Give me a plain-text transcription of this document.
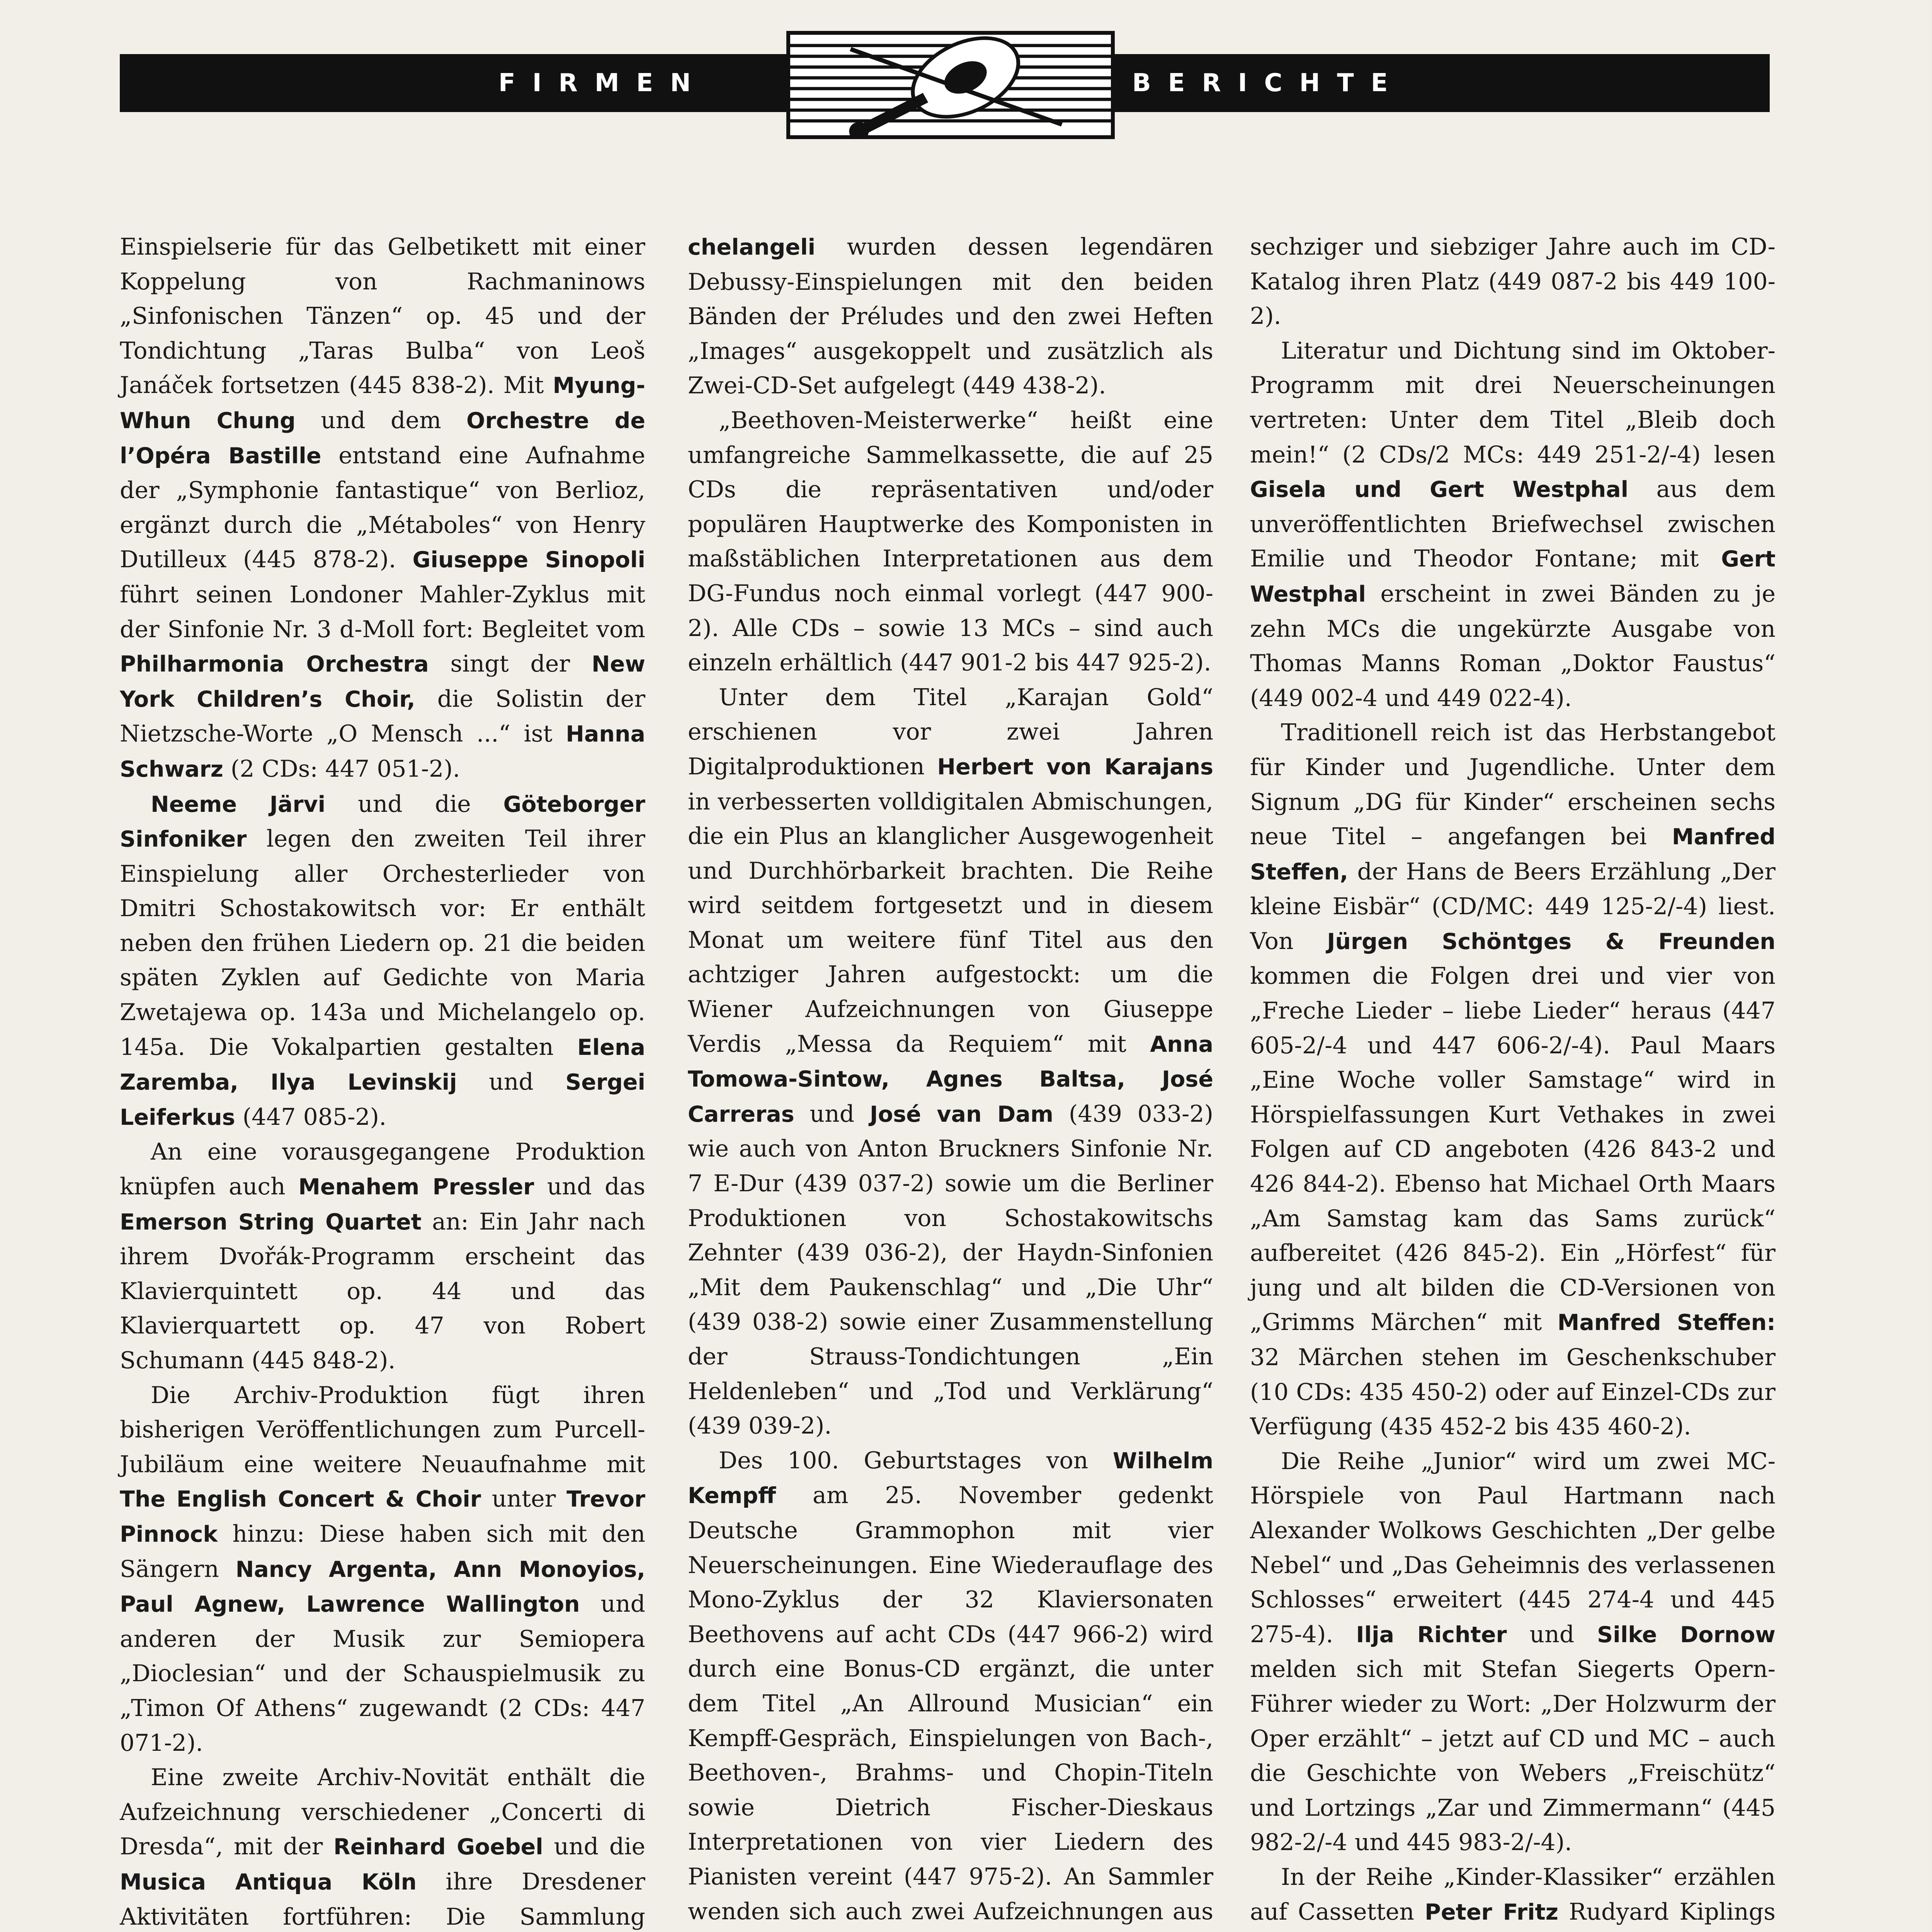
FIRMEN	BERICHTE

Einspielserie für das Gelbetikett mit einer Koppelung von Rachmaninows „Sinfonischen Tänzen“ op. 45 und der Tondichtung „Taras Bulba“ von Leoš Janáček fortsetzen (445 838-2). Mit Myung-Whun Chung und dem Orchestre de l’Opéra Bastille entstand eine Aufnahme der „Symphonie fantastique“ von Berlioz, ergänzt durch die „Métaboles“ von Henry Dutilleux (445 878-2). Giuseppe Sinopoli führt seinen Londoner Mahler-Zyklus mit der Sinfonie Nr. 3 d-Moll fort: Begleitet vom Philharmonia Orchestra singt der New York Children’s Choir, die Solistin der Nietzsche-Worte „O Mensch ...“ ist Hanna Schwarz (2 CDs: 447 051-2).

Neeme Järvi und die Göteborger Sinfoniker legen den zweiten Teil ihrer Einspielung aller Orchesterlieder von Dmitri Schostakowitsch vor: Er enthält neben den frühen Liedern op. 21 die beiden späten Zyklen auf Gedichte von Maria Zwetajewa op. 143a und Michelangelo op. 145a. Die Vokalpartien gestalten Elena Zaremba, Ilya Levinskij und Sergei Leiferkus (447 085-2).

An eine vorausgegangene Produktion knüpfen auch Menahem Pressler und das Emerson String Quartet an: Ein Jahr nach ihrem Dvořák-Programm erscheint das Klavierquintett op. 44 und das Klavierquartett op. 47 von Robert Schumann (445 848-2).

Die Archiv-Produktion fügt ihren bisherigen Veröffentlichungen zum Purcell-Jubiläum eine weitere Neuaufnahme mit The English Concert & Choir unter Trevor Pinnock hinzu: Diese haben sich mit den Sängern Nancy Argenta, Ann Monoyios, Paul Agnew, Lawrence Wallington und anderen der Musik zur Semiopera „Dioclesian“ und der Schauspielmusik zu „Timon Of Athens“ zugewandt (2 CDs: 447 071-2).

Eine zweite Archiv-Novität enthält die Aufzeichnung verschiedener „Concerti di Dresda“, mit der Reinhard Goebel und die Musica Antiqua Köln ihre Dresdener Aktivitäten fortführen: Die Sammlung

chelangeli wurden dessen legendären Debussy-Einspielungen mit den beiden Bänden der Préludes und den zwei Heften „Images“ ausgekoppelt und zusätzlich als Zwei-CD-Set aufgelegt (449 438-2).

„Beethoven-Meisterwerke“ heißt eine umfangreiche Sammelkassette, die auf 25 CDs die repräsentativen und/oder populären Hauptwerke des Komponisten in maßstäblichen Interpretationen aus dem DG-Fundus noch einmal vorlegt (447 900-2). Alle CDs – sowie 13 MCs – sind auch einzeln erhältlich (447 901-2 bis 447 925-2).

Unter dem Titel „Karajan Gold“ erschienen vor zwei Jahren Digitalproduktionen Herbert von Karajans in verbesserten volldigitalen Abmischungen, die ein Plus an klanglicher Ausgewogenheit und Durchhörbarkeit brachten. Die Reihe wird seitdem fortgesetzt und in diesem Monat um weitere fünf Titel aus den achtziger Jahren aufgestockt: um die Wiener Aufzeichnungen von Giuseppe Verdis „Messa da Requiem“ mit Anna Tomowa-Sintow, Agnes Baltsa, José Carreras und José van Dam (439 033-2) wie auch von Anton Bruckners Sinfonie Nr. 7 E-Dur (439 037-2) sowie um die Berliner Produktionen von Schostakowitschs Zehnter (439 036-2), der Haydn-Sinfonien „Mit dem Paukenschlag“ und „Die Uhr“ (439 038-2) sowie einer Zusammenstellung der Strauss-Tondichtungen „Ein Heldenleben“ und „Tod und Verklärung“ (439 039-2).

Des 100. Geburtstages von Wilhelm Kempff am 25. November gedenkt Deutsche Grammophon mit vier Neuerscheinungen. Eine Wiederauflage des Mono-Zyklus der 32 Klaviersonaten Beethovens auf acht CDs (447 966-2) wird durch eine Bonus-CD ergänzt, die unter dem Titel „An Allround Musician“ ein Kempff-Gespräch, Einspielungen von Bach-, Beethoven-, Brahms- und Chopin-Titeln sowie Dietrich Fischer-Dieskaus Interpretationen von vier Liedern des Pianisten vereint (447 975-2). An Sammler wenden sich auch zwei Aufzeichnungen aus

sechziger und siebziger Jahre auch im CD-Katalog ihren Platz (449 087-2 bis 449 100-2).

Literatur und Dichtung sind im Oktober-Programm mit drei Neuerscheinungen vertreten: Unter dem Titel „Bleib doch mein!“ (2 CDs/2 MCs: 449 251-2/-4) lesen Gisela und Gert Westphal aus dem unveröffentlichten Briefwechsel zwischen Emilie und Theodor Fontane; mit Gert Westphal erscheint in zwei Bänden zu je zehn MCs die ungekürzte Ausgabe von Thomas Manns Roman „Doktor Faustus“ (449 002-4 und 449 022-4).

Traditionell reich ist das Herbstangebot für Kinder und Jugendliche. Unter dem Signum „DG für Kinder“ erscheinen sechs neue Titel – angefangen bei Manfred Steffen, der Hans de Beers Erzählung „Der kleine Eisbär“ (CD/MC: 449 125-2/-4) liest. Von Jürgen Schöntges & Freunden kommen die Folgen drei und vier von „Freche Lieder – liebe Lieder“ heraus (447 605-2/-4 und 447 606-2/-4). Paul Maars „Eine Woche voller Samstage“ wird in Hörspielfassungen Kurt Vethakes in zwei Folgen auf CD angeboten (426 843-2 und 426 844-2). Ebenso hat Michael Orth Maars „Am Samstag kam das Sams zurück“ aufbereitet (426 845-2). Ein „Hörfest“ für jung und alt bilden die CD-Versionen von „Grimms Märchen“ mit Manfred Steffen: 32 Märchen stehen im Geschenkschuber (10 CDs: 435 450-2) oder auf Einzel-CDs zur Verfügung (435 452-2 bis 435 460-2).

Die Reihe „Junior“ wird um zwei MC-Hörspiele von Paul Hartmann nach Alexander Wolkows Geschichten „Der gelbe Nebel“ und „Das Geheimnis des verlassenen Schlosses“ erweitert (445 274-4 und 445 275-4). Ilja Richter und Silke Dornow melden sich mit Stefan Siegerts Opern-Führer wieder zu Wort: „Der Holzwurm der Oper erzählt“ – jetzt auf CD und MC – auch die Geschichte von Webers „Freischütz“ und Lortzings „Zar und Zimmermann“ (445 982-2/-4 und 445 983-2/-4).

In der Reihe „Kinder-Klassiker“ erzählen auf Cassetten Peter Fritz Rudyard Kiplings
